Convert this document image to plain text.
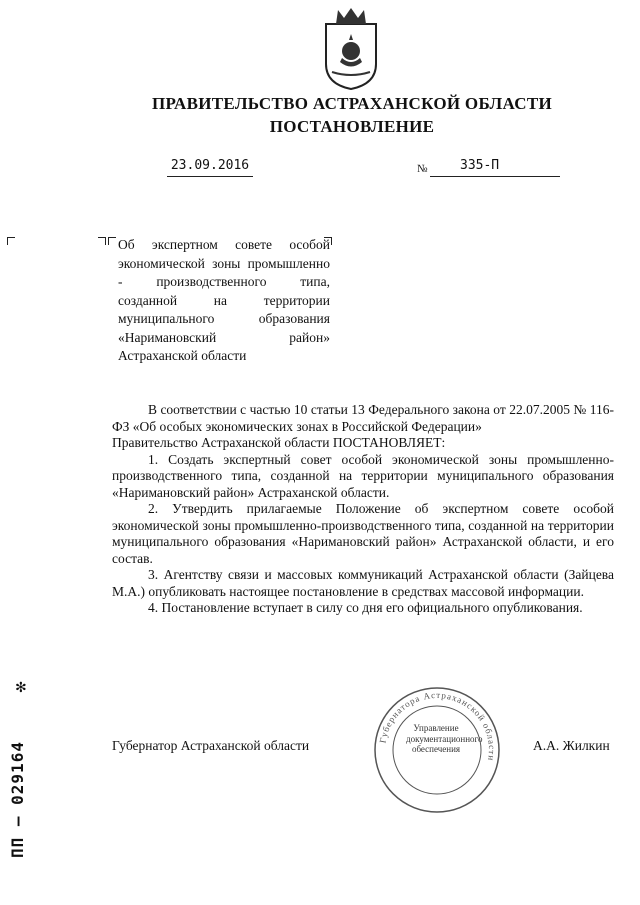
ПРАВИТЕЛЬСТВО АСТРАХАНСКОЙ ОБЛАСТИ
ПОСТАНОВЛЕНИЕ
23.09.2016	№	335-П
Об экспертном совете особой экономической зоны промышленно - производственного типа, созданной на территории муниципального образования «Наримановский район» Астраханской области

В соответствии с частью 10 статьи 13 Федерального закона от 22.07.2005 № 116-ФЗ «Об особых экономических зонах в Российской Федерации»

Правительство Астраханской области ПОСТАНОВЛЯЕТ:

1. Создать экспертный совет особой экономической зоны промышленно-производственного типа, созданной на территории муниципального образования «Наримановский район» Астраханской области.

2. Утвердить прилагаемые Положение об экспертном совете особой экономической зоны промышленно-производственного типа, созданной на территории муниципального образования «Наримановский район» Астраханской области, и его состав.

3. Агентству связи и массовых коммуникаций Астраханской области (Зайцева М.А.) опубликовать настоящее постановление в средствах массовой информации.

4. Постановление вступает в силу со дня его официального опубликования.

Губернатор Астраханской области	А.А. Жилкин
Губернатора Астраханской области
Управление документационного обеспечения
ПП – 029164
✻
